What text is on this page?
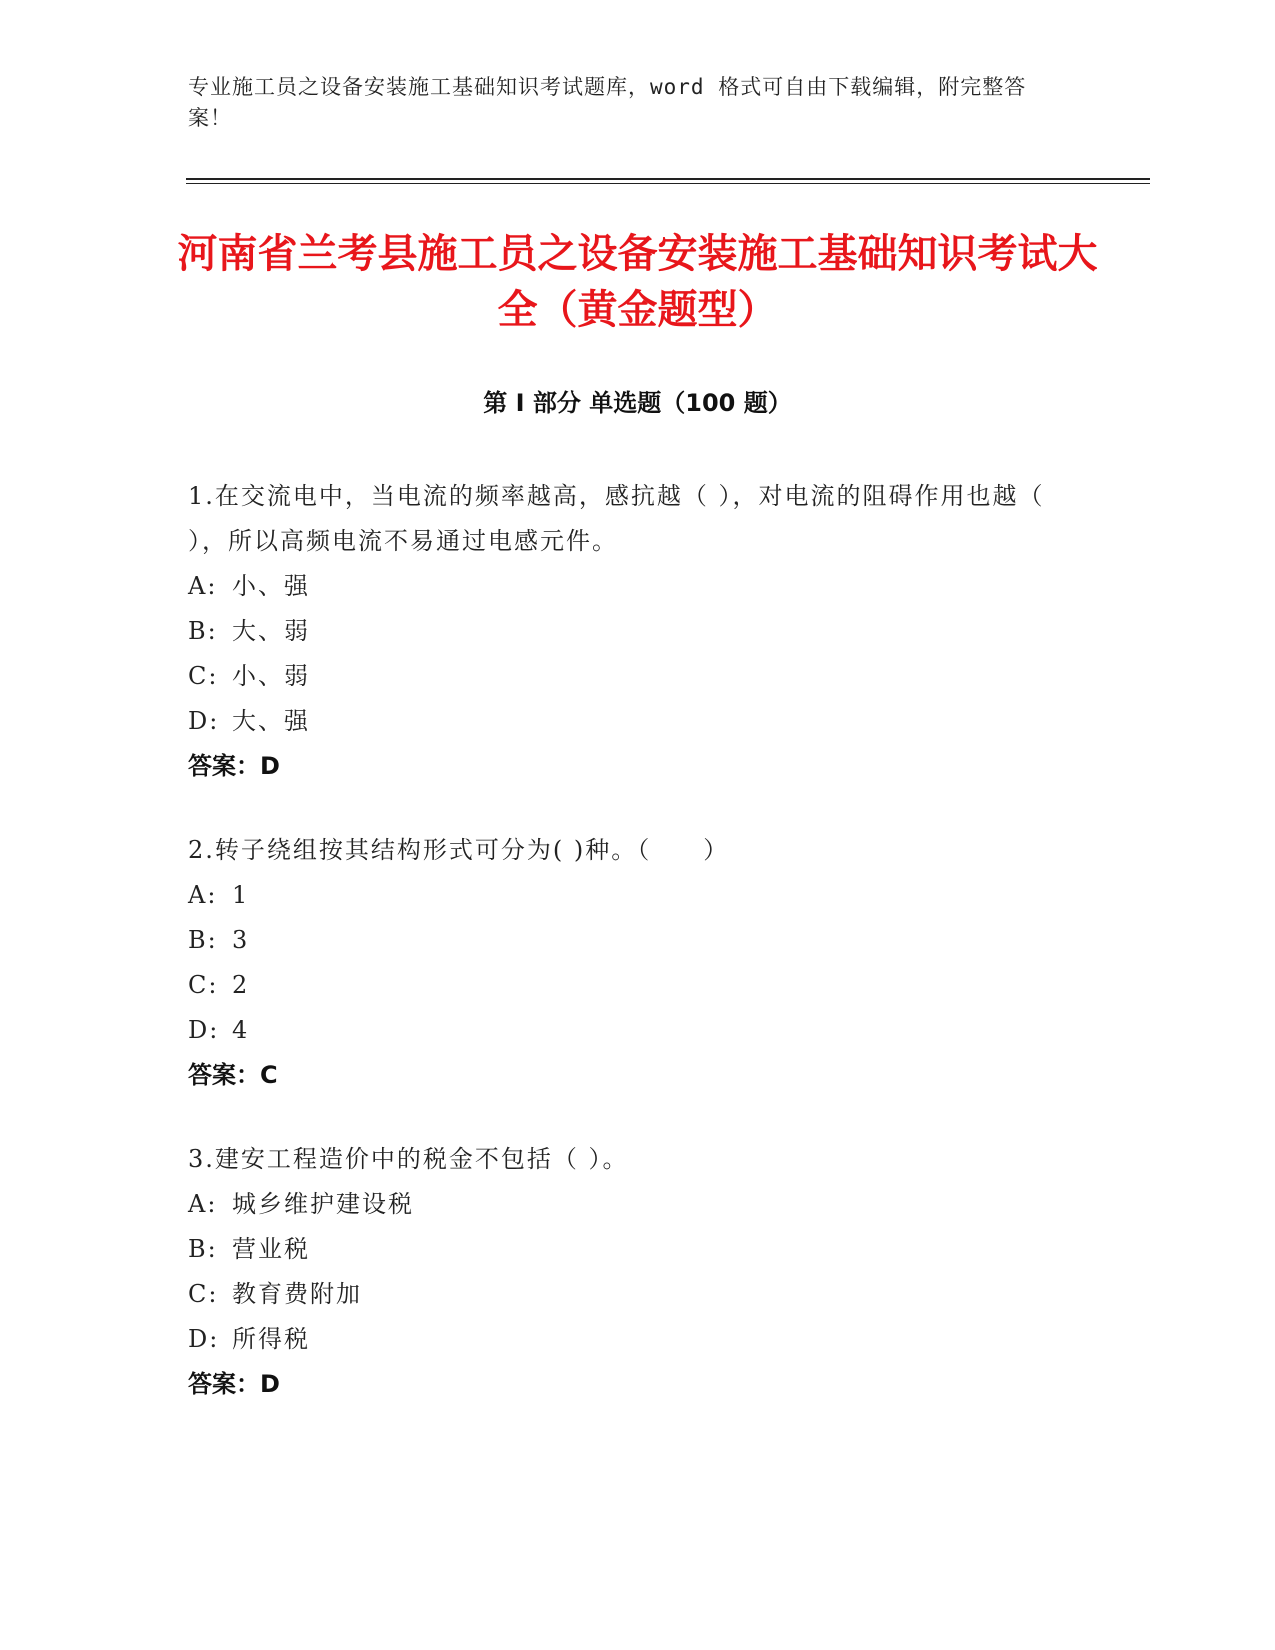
专业施工员之设备安装施工基础知识考试题库，word 格式可自由下载编辑，附完整答案！
河南省兰考县施工员之设备安装施工基础知识考试大全（黄金题型）
第 I 部分 单选题（100 题）
1.在交流电中，当电流的频率越高，感抗越（ ），对电流的阻碍作用也越（ ），所以高频电流不易通过电感元件。
A: 小、强
B: 大、弱
C: 小、弱
D: 大、强
答案：D
2.转子绕组按其结构形式可分为( )种。（　　）
A: 1
B: 3
C: 2
D: 4
答案：C
3.建安工程造价中的税金不包括（ ）。
A: 城乡维护建设税
B: 营业税
C: 教育费附加
D: 所得税
答案：D
